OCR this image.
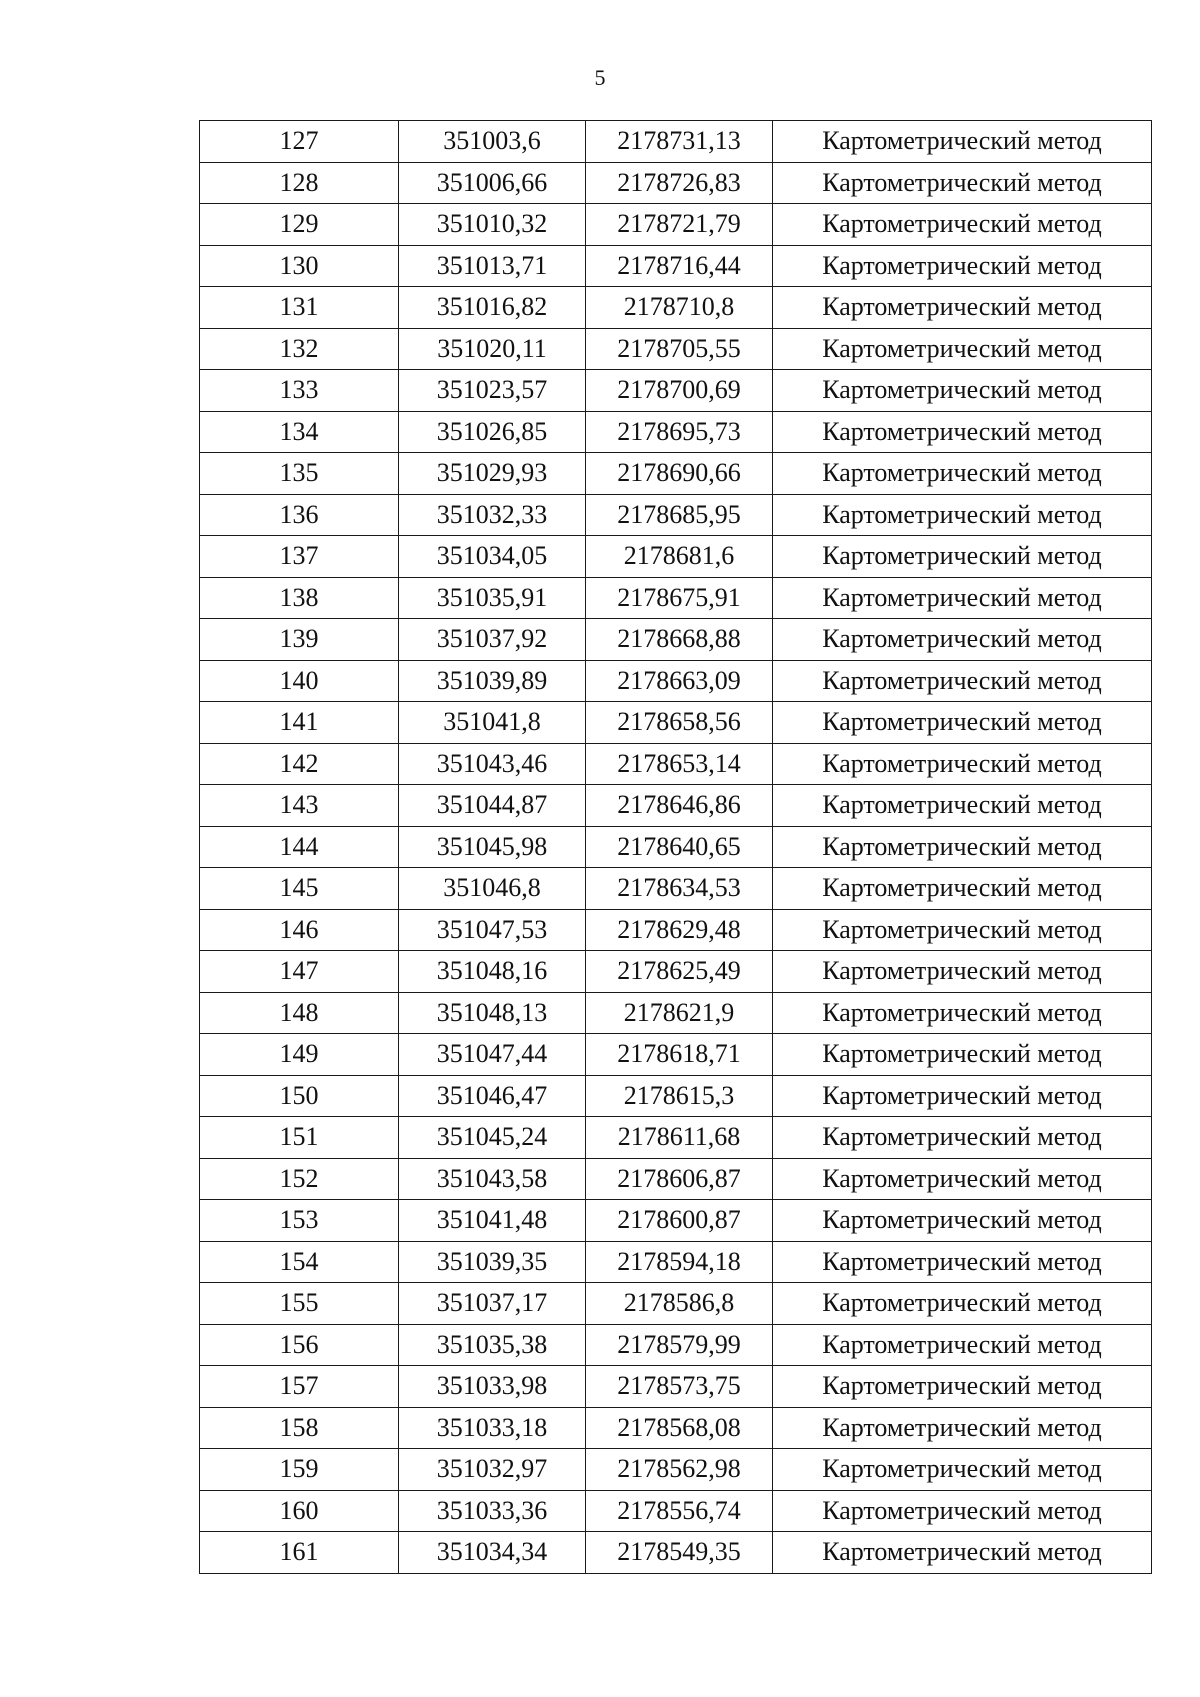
5
127	351003,6	2178731,13	Картометрический метод
128	351006,66	2178726,83	Картометрический метод
129	351010,32	2178721,79	Картометрический метод
130	351013,71	2178716,44	Картометрический метод
131	351016,82	2178710,8	Картометрический метод
132	351020,11	2178705,55	Картометрический метод
133	351023,57	2178700,69	Картометрический метод
134	351026,85	2178695,73	Картометрический метод
135	351029,93	2178690,66	Картометрический метод
136	351032,33	2178685,95	Картометрический метод
137	351034,05	2178681,6	Картометрический метод
138	351035,91	2178675,91	Картометрический метод
139	351037,92	2178668,88	Картометрический метод
140	351039,89	2178663,09	Картометрический метод
141	351041,8	2178658,56	Картометрический метод
142	351043,46	2178653,14	Картометрический метод
143	351044,87	2178646,86	Картометрический метод
144	351045,98	2178640,65	Картометрический метод
145	351046,8	2178634,53	Картометрический метод
146	351047,53	2178629,48	Картометрический метод
147	351048,16	2178625,49	Картометрический метод
148	351048,13	2178621,9	Картометрический метод
149	351047,44	2178618,71	Картометрический метод
150	351046,47	2178615,3	Картометрический метод
151	351045,24	2178611,68	Картометрический метод
152	351043,58	2178606,87	Картометрический метод
153	351041,48	2178600,87	Картометрический метод
154	351039,35	2178594,18	Картометрический метод
155	351037,17	2178586,8	Картометрический метод
156	351035,38	2178579,99	Картометрический метод
157	351033,98	2178573,75	Картометрический метод
158	351033,18	2178568,08	Картометрический метод
159	351032,97	2178562,98	Картометрический метод
160	351033,36	2178556,74	Картометрический метод
161	351034,34	2178549,35	Картометрический метод
